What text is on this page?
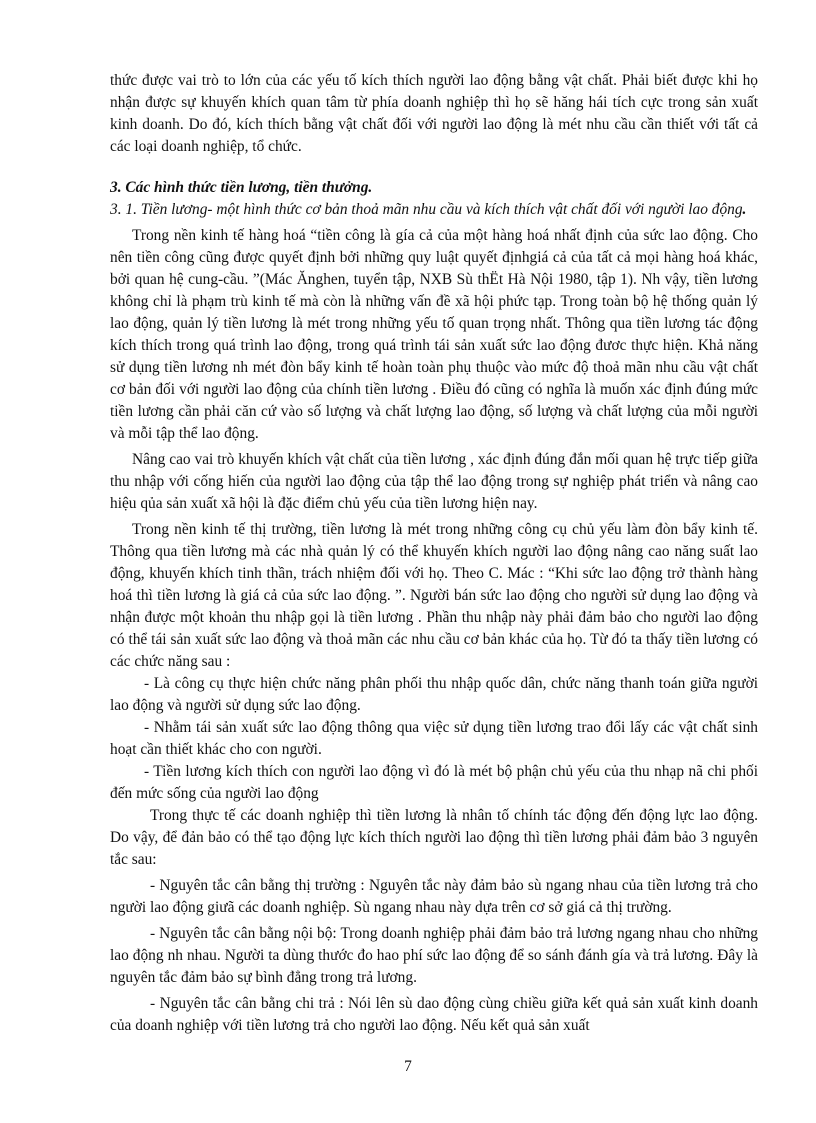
thức được vai trò to lớn của các yếu tố kích thích người lao động bằng vật chất. Phải biết được khi họ nhận được sự khuyến khích quan tâm từ phía doanh nghiệp thì họ sẽ hăng hái tích cực trong sản xuất kinh doanh. Do đó, kích thích bằng vật chất đối với người lao động là mét nhu cầu cần thiết với tất cả các loại doanh nghiệp, tổ chức.

3. Các hình thức tiền lương, tiền thưởng.

3. 1. Tiền lương- một hình thức cơ bản thoả mãn nhu cầu và kích thích vật chất đối với người lao động.

Trong nền kinh tế hàng hoá “tiền công là gía cả của một hàng hoá nhất định của sức lao động. Cho nên tiền công cũng được quyết định bởi những quy luật quyết địnhgiá cả của tất cả mọi hàng hoá khác, bởi quan hệ cung-cầu. ”(Mác Ănghen, tuyển tập, NXB Sù thËt Hà Nội 1980, tập 1). Nh vậy, tiền lương không chỉ là phạm trù kinh tế mà còn là những vấn đề xã hội phức tạp. Trong toàn bộ hệ thống quản lý lao động, quản lý tiền lương là mét trong những yếu tố quan trọng nhất. Thông qua tiền lương tác động kích thích trong quá trình lao động, trong quá trình tái sản xuất sức lao động đươc thực hiện. Khả năng sử dụng tiền lương nh mét đòn bẩy kinh tế hoàn toàn phụ thuộc vào mức độ thoả mãn nhu cầu vật chất cơ bản đối với người lao động của chính tiền lương . Điều đó cũng có nghĩa là muốn xác định đúng mức tiền lương cần phải căn cứ vào số lượng và chất lượng lao động, số lượng và chất lượng của mỗi người và mỗi tập thể lao động.

Nâng cao vai trò khuyến khích vật chất của tiền lương , xác định đúng đắn mối quan hệ trực tiếp giữa thu nhập với cống hiến của người lao động của tập thể lao động trong sự nghiệp phát triển và nâng cao hiệu qủa sản xuất xã hội là đặc điểm chủ yếu của tiền lương hiện nay.

Trong nền kinh tế thị trường, tiền lương là mét trong những công cụ chủ yếu làm đòn bẩy kinh tế. Thông qua tiền lương mà các nhà quản lý có thể khuyến khích người lao động nâng cao năng suất lao động, khuyến khích tinh thần, trách nhiệm đối với họ. Theo C. Mác : “Khi sức lao động trở thành hàng hoá thì tiền lương là giá cả của sức lao động. ”. Người bán sức lao động cho người sử dụng lao động và nhận được một khoản thu nhập gọi là tiền lương . Phần thu nhập này phải đảm bảo cho người lao động có thể tái sản xuất sức lao động và thoả mãn các nhu cầu cơ bản khác của họ. Từ đó ta thấy tiền lương có các chức năng sau :

- Là công cụ thực hiện chức năng phân phối thu nhập quốc dân, chức năng thanh toán giữa người lao động và người sử dụng sức lao động.

- Nhằm tái sản xuất sức lao động thông qua việc sử dụng tiền lương trao đổi lấy các vật chất sinh hoạt cần thiết khác cho con người.

- Tiền lương kích thích con người lao động vì đó là mét bộ phận chủ yếu của thu nhạp nã chi phối đến mức sống của người lao động

Trong thực tế các doanh nghiệp thì tiền lương là nhân tố chính tác động đến động lực lao động. Do vậy, để đản bảo có thể tạo động lực kích thích người lao động thì tiền lương phải đảm bảo 3 nguyên tắc sau:

- Nguyên tắc cân bằng thị trường : Nguyên tắc này đảm bảo sù ngang nhau của tiền lương trả cho người lao động giưã các doanh nghiệp. Sù ngang nhau này dựa trên cơ sở giá cả thị trường.

- Nguyên tắc cân bằng nội bộ: Trong doanh nghiệp phải đảm bảo trả lương ngang nhau cho những lao động nh nhau. Người ta dùng thước đo hao phí sức lao động để so sánh đánh gía và trả lương. Đây là nguyên tắc đảm bảo sự bình đẳng trong trả lương.

- Nguyên tắc cân bằng chi trả : Nói lên sù dao động cùng chiều giữa kết quả sản xuất kinh doanh của doanh nghiệp với tiền lương trả cho người lao động. Nếu kết quả sản xuất

7
